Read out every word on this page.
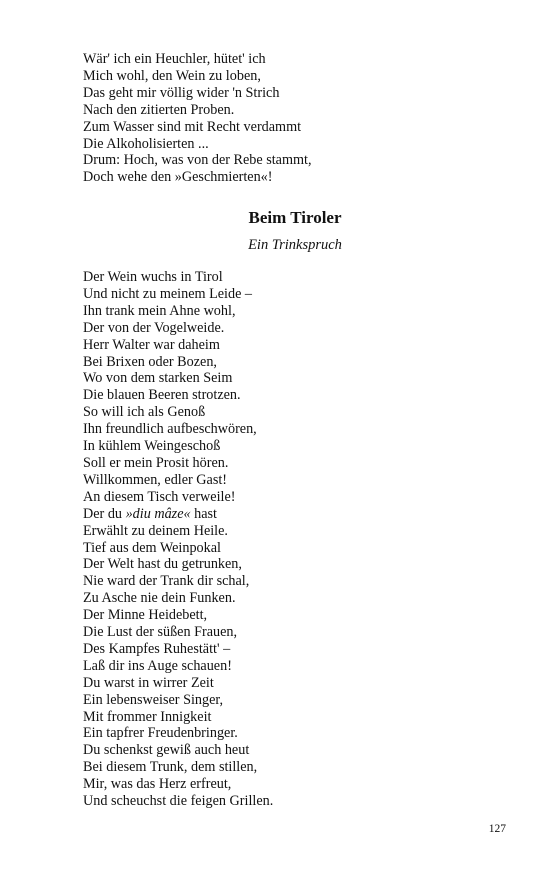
Wär' ich ein Heuchler, hütet' ich
Mich wohl, den Wein zu loben,
Das geht mir völlig wider 'n Strich
Nach den zitierten Proben.
Zum Wasser sind mit Recht verdammt
Die Alkoholisierten ...
Drum: Hoch, was von der Rebe stammt,
Doch wehe den »Geschmierten«!
Beim Tiroler
Ein Trinkspruch
Der Wein wuchs in Tirol
Und nicht zu meinem Leide –
Ihn trank mein Ahne wohl,
Der von der Vogelweide.
Herr Walter war daheim
Bei Brixen oder Bozen,
Wo von dem starken Seim
Die blauen Beeren strotzen.
So will ich als Genoß
Ihn freundlich aufbeschwören,
In kühlem Weingeschoß
Soll er mein Prosit hören.
Willkommen, edler Gast!
An diesem Tisch verweile!
Der du »diu mâze« hast
Erwählt zu deinem Heile.
Tief aus dem Weinpokal
Der Welt hast du getrunken,
Nie ward der Trank dir schal,
Zu Asche nie dein Funken.
Der Minne Heidebett,
Die Lust der süßen Frauen,
Des Kampfes Ruhestätt' –
Laß dir ins Auge schauen!
Du warst in wirrer Zeit
Ein lebensweiser Singer,
Mit frommer Innigkeit
Ein tapfrer Freudenbringer.
Du schenkst gewiß auch heut
Bei diesem Trunk, dem stillen,
Mir, was das Herz erfreut,
Und scheuchst die feigen Grillen.
127
